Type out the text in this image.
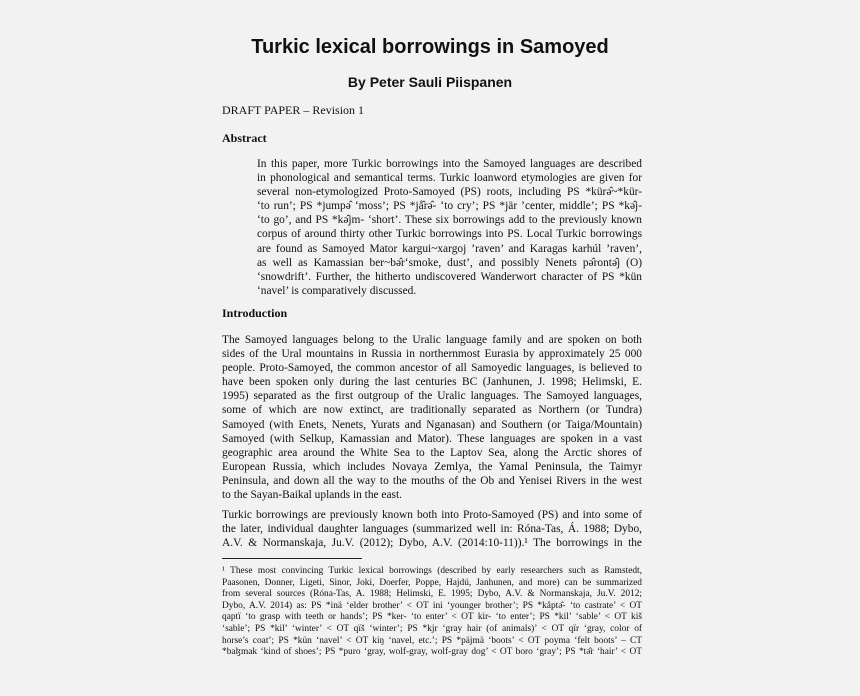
Turkic lexical borrowings in Samoyed
By Peter Sauli Piispanen
DRAFT PAPER – Revision 1
Abstract
In this paper, more Turkic borrowings into the Samoyed languages are described
in phonological and semantical terms. Turkic loanword etymologies are given for
several non-etymologized Proto-Samoyed (PS) roots, including PS *kürǝ̂~*kür-
‘to run’; PS *jumpǝ̂ ‘moss’; PS *jå̂rǝ̂- ‘to cry’; PS *jär ’center, middle’; PS *kǝ̂j-
‘to go’, and PS *kǝ̂jm- ‘short’. These six borrowings add to the previously known
corpus of around thirty other Turkic borrowings into PS. Local Turkic borrowings
are found as Samoyed Mator kargui~xargoj ’raven’ and Karagas karhúl ’raven’,
as well as Kamassian ber~bǝ̂r‘smoke, dust’, and possibly Nenets pǝ̂rontǝ̂j (O)
‘snowdrift’. Further, the hitherto undiscovered Wanderwort character of PS *kün
‘navel’ is comparatively discussed.
Introduction
The Samoyed languages belong to the Uralic language family and are spoken on both
sides of the Ural mountains in Russia in northernmost Eurasia by approximately 25 000
people. Proto-Samoyed, the common ancestor of all Samoyedic languages, is believed to
have been spoken only during the last centuries BC (Janhunen, J. 1998; Helimski, E.
1995) separated as the first outgroup of the Uralic languages. The Samoyed languages,
some of which are now extinct, are traditionally separated as Northern (or Tundra)
Samoyed (with Enets, Nenets, Yurats and Nganasan) and Southern (or Taiga/Mountain)
Samoyed (with Selkup, Kamassian and Mator). These languages are spoken in a vast
geographic area around the White Sea to the Laptov Sea, along the Arctic shores of
European Russia, which includes Novaya Zemlya, the Yamal Peninsula, the Taimyr
Peninsula, and down all the way to the mouths of the Ob and Yenisei Rivers in the west
to the Sayan-Baikal uplands in the east.
Turkic borrowings are previously known both into Proto-Samoyed (PS) and into some of
the later, individual daughter languages (summarized well in: Róna-Tas, Á. 1988; Dybo,
A.V. & Normanskaja, Ju.V. (2012); Dybo, A.V. (2014:10-11)).¹ The borrowings in the
¹ These most convincing Turkic lexical borrowings (described by early researchers such as Ramstedt,
Paasonen, Donner, Ligeti, Sinor, Joki, Doerfer, Poppe, Hajdú, Janhunen, and more) can be summarized
from several sources (Róna-Tas, A. 1988; Helimski, E. 1995; Dybo, A.V. & Normanskaja, Ju.V. 2012;
Dybo, A.V. 2014) as: PS *inä ‘elder brother’ < OT ini ‘younger brother’; PS *kåptǝ̂- ‘to castrate’ < OT
qaptï ‘to grasp with teeth or hands’; PS *ker- ‘to enter’ < OT kir- ‘to enter’; PS *kil’ ‘sable’ < OT kiš
‘sable’; PS *kil’ ‘winter’ < OT qïš ‘winter’; PS *kjr ‘gray hair (of animals)’ < OT qïr ‘gray, color of
horse’s coat’; PS *kün ‘navel’ < OT kiŋ ‘navel, etc.’; PS *päjmä ‘boots’ < OT poyma ‘felt boots’ – CT
*baɮmak ‘kind of shoes’; PS *puro ‘gray, wolf-gray, wolf-gray dog’ < OT boro ‘gray’; PS *tǝ̂r ‘hair’ < OT
